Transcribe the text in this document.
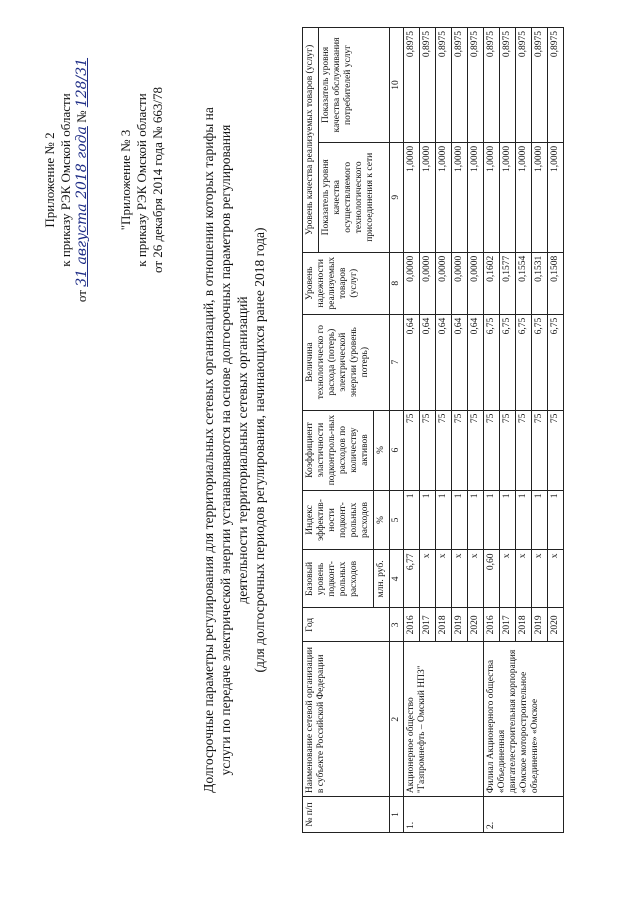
Приложение № 2 к приказу РЭК Омской области
от 31 августа 2018 года № 128/31
"Приложение № 3 к приказу РЭК Омской области от 26 декабря 2014 года № 663/78	Долгосрочные параметры регулирования для территориальных сетевых организаций, в отношении которых тарифы на услуги по передаче электрической энергии устанавливаются на основе долгосрочных параметров регулирования деятельности территориальных сетевых организаций (для долгосрочных периодов регулирования, начинающихся ранее 2018 года)
№ п/п	Наименование сетевой организации в субъекте Российской Федерации	Год	Базовый уровень подконт-рольных расходов	Индекс эффектив-ности подконт-рольных расходов	Коэффициент эластичности подконтроль-ных расходов по количеству активов	Величина технологическо го расхода (потерь) электрической энергии (уровень потерь)	Уровень надежности реализуемых товаров (услуг)	Уровень качества реализуемых товаров (услуг)	
								Показатель уровня качества осуществляемого технологического присоединения к сети	Показатель уровня качества обслуживания потребителей услуг
			млн. руб.	%	%				
1	2	3	4	5	6	7	8	9	10
1.	Акционерное общество "Газпромнефть – Омский НПЗ"	2016	6,77	1	75	0,64	0,0000	1,0000	0,8975
		2017	х	1	75	0,64	0,0000	1,0000	0,8975
		2018	х	1	75	0,64	0,0000	1,0000	0,8975
		2019	х	1	75	0,64	0,0000	1,0000	0,8975
		2020	х	1	75	0,64	0,0000	1,0000	0,8975
2.	Филиал Акционерного общества «Объединенная двигателестроительная корпорация «Омское моторостроительное объединение» «Омское	2016	0,60	1	75	6,75	0,1602	1,0000	0,8975
		2017	х	1	75	6,75	0,1577	1,0000	0,8975
		2018	х	1	75	6,75	0,1554	1,0000	0,8975
		2019	х	1	75	6,75	0,1531	1,0000	0,8975
		2020	х	1	75	6,75	0,1508	1,0000	0,8975
